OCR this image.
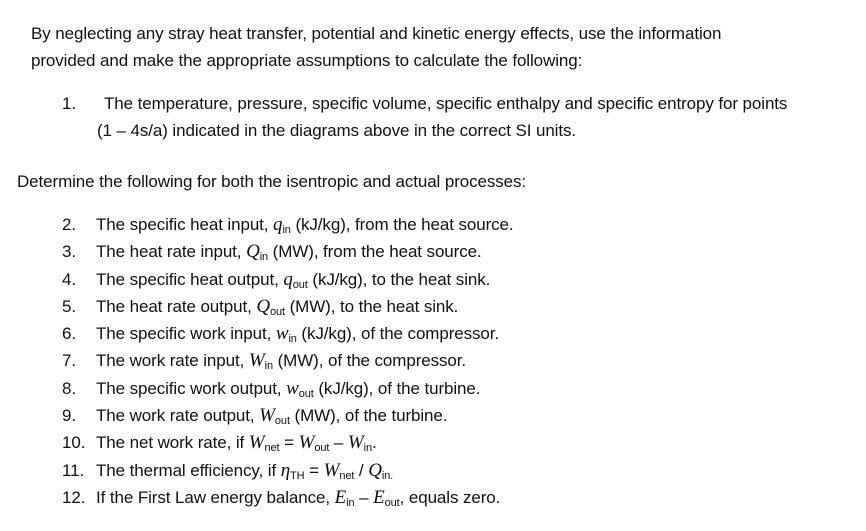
By neglecting any stray heat transfer, potential and kinetic energy effects, use the information
provided and make the appropriate assumptions to calculate the following:
1. The temperature, pressure, specific volume, specific enthalpy and specific entropy for points
(1 – 4s/a) indicated in the diagrams above in the correct SI units.
Determine the following for both the isentropic and actual processes:
2. The specific heat input, qin (kJ/kg), from the heat source.
3. The heat rate input, Qin (MW), from the heat source.
4. The specific heat output, qout (kJ/kg), to the heat sink.
5. The heat rate output, Qout (MW), to the heat sink.
6. The specific work input, win (kJ/kg), of the compressor.
7. The work rate input, Win (MW), of the compressor.
8. The specific work output, wout (kJ/kg), of the turbine.
9. The work rate output, Wout (MW), of the turbine.
10. The net work rate, if Wnet = Wout – Win.
11. The thermal efficiency, if ηTH = Wnet / Qin.
12. If the First Law energy balance, Ein – Eout, equals zero.
